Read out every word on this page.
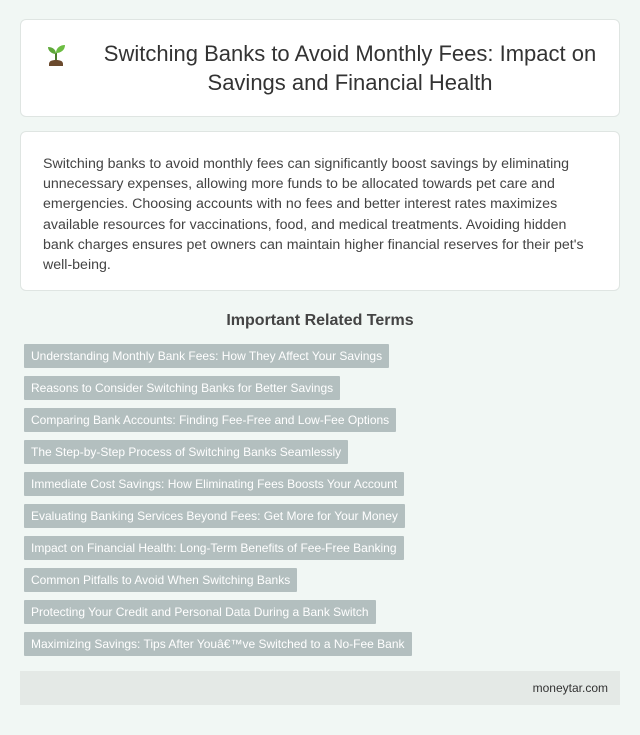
Switching Banks to Avoid Monthly Fees: Impact on Savings and Financial Health

Switching banks to avoid monthly fees can significantly boost savings by eliminating unnecessary expenses, allowing more funds to be allocated towards pet care and emergencies. Choosing accounts with no fees and better interest rates maximizes available resources for vaccinations, food, and medical treatments. Avoiding hidden bank charges ensures pet owners can maintain higher financial reserves for their pet's well-being.

Important Related Terms
Understanding Monthly Bank Fees: How They Affect Your Savings
Reasons to Consider Switching Banks for Better Savings
Comparing Bank Accounts: Finding Fee-Free and Low-Fee Options
The Step-by-Step Process of Switching Banks Seamlessly
Immediate Cost Savings: How Eliminating Fees Boosts Your Account
Evaluating Banking Services Beyond Fees: Get More for Your Money
Impact on Financial Health: Long-Term Benefits of Fee-Free Banking
Common Pitfalls to Avoid When Switching Banks
Protecting Your Credit and Personal Data During a Bank Switch
Maximizing Savings: Tips After Youâ€™ve Switched to a No-Fee Bank
moneytar.com
